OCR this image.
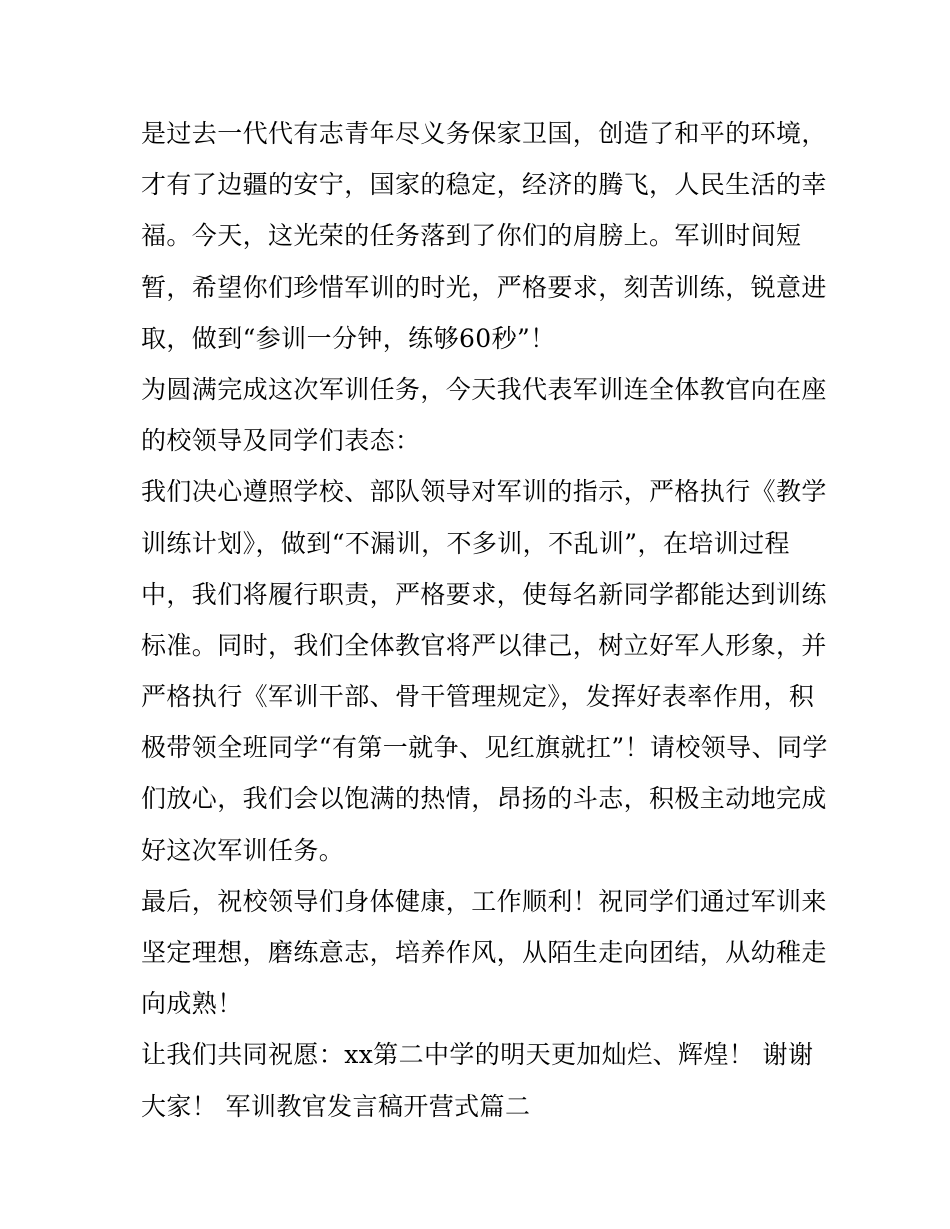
是过去一代代有志青年尽义务保家卫国，创造了和平的环境，
才有了边疆的安宁，国家的稳定，经济的腾飞，人民生活的幸
福。今天，这光荣的任务落到了你们的肩膀上。军训时间短
暂，希望你们珍惜军训的时光，严格要求，刻苦训练，锐意进
取，做到“参训一分钟，练够60秒”！
为圆满完成这次军训任务，今天我代表军训连全体教官向在座
的校领导及同学们表态：
我们决心遵照学校、部队领导对军训的指示，严格执行《教学
训练计划》，做到“不漏训，不多训，不乱训”，在培训过程
中，我们将履行职责，严格要求，使每名新同学都能达到训练
标准。同时，我们全体教官将严以律己，树立好军人形象，并
严格执行《军训干部、骨干管理规定》，发挥好表率作用，积
极带领全班同学“有第一就争、见红旗就扛”！请校领导、同学
们放心，我们会以饱满的热情，昂扬的斗志，积极主动地完成
好这次军训任务。
最后，祝校领导们身体健康，工作顺利！祝同学们通过军训来
坚定理想，磨练意志，培养作风，从陌生走向团结，从幼稚走
向成熟！
让我们共同祝愿：xx第二中学的明天更加灿烂、辉煌！ 谢谢
大家！ 军训教官发言稿开营式篇二
